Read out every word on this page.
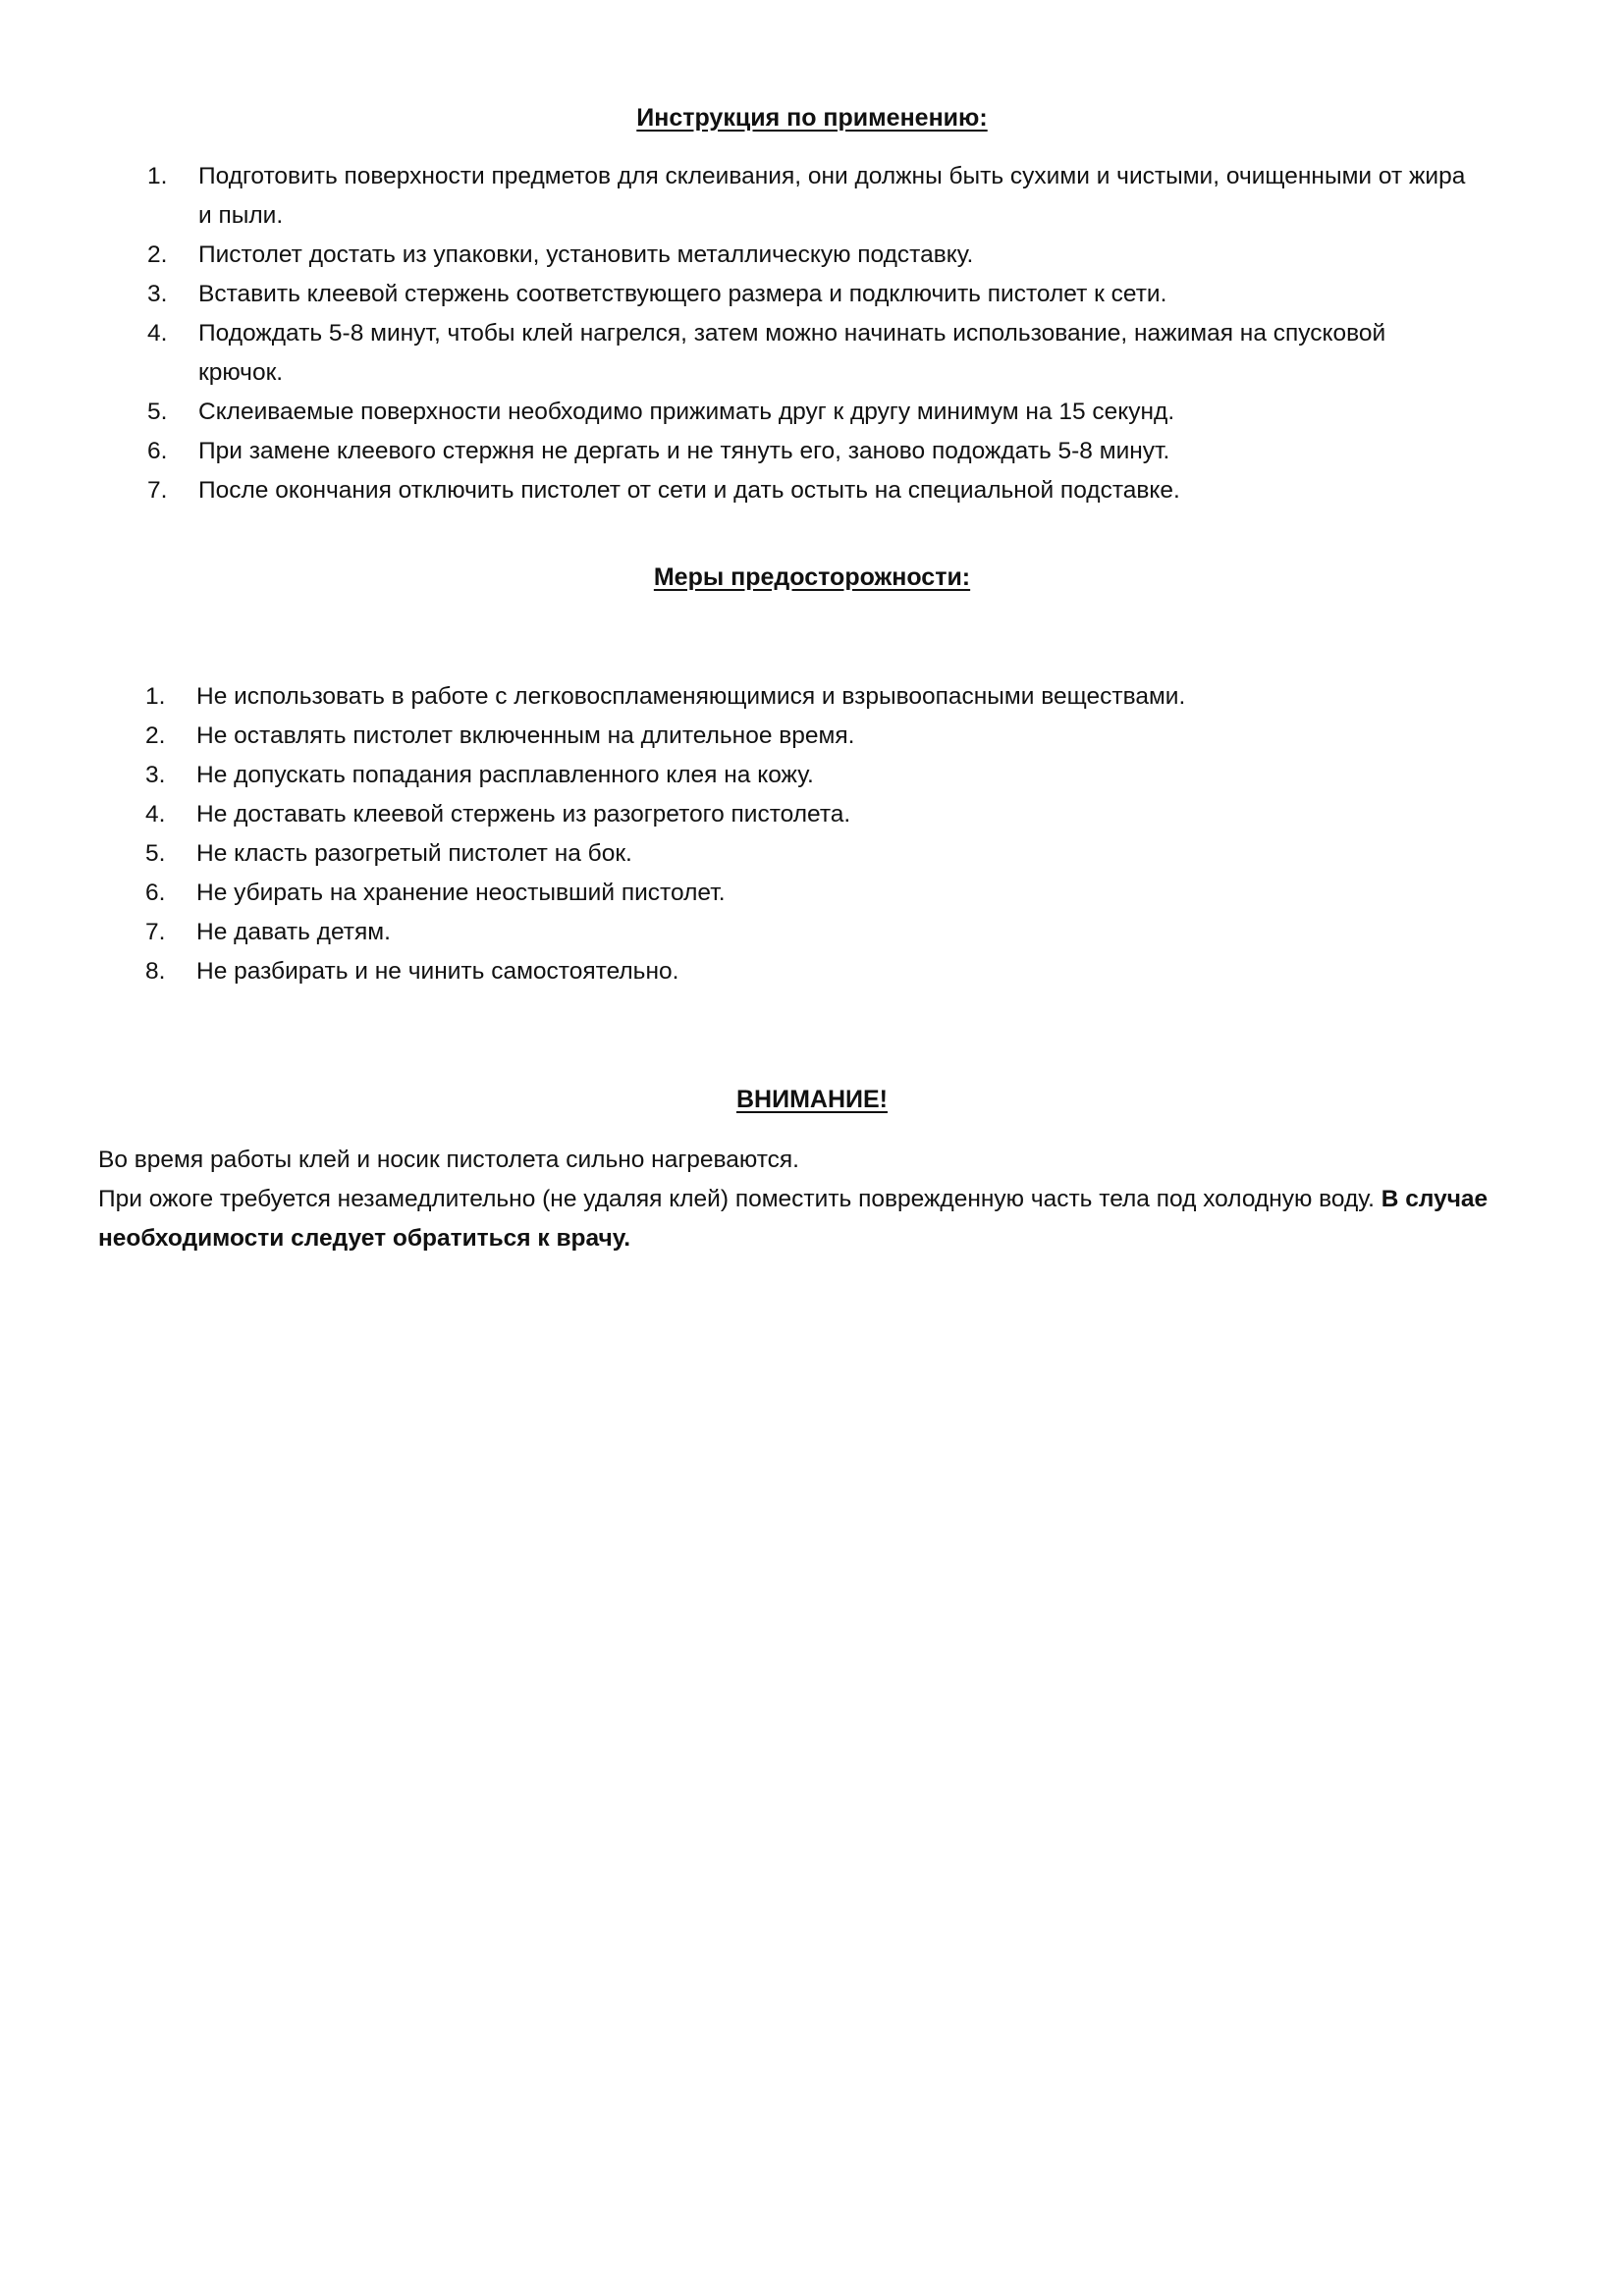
Инструкция по применению:
1.	Подготовить поверхности предметов для склеивания, они должны быть сухими и чистыми, очищенными от жира и пыли.
2.	Пистолет достать из упаковки, установить металлическую подставку.
3.	Вставить клеевой стержень соответствующего размера и подключить пистолет к сети.
4.	Подождать 5-8 минут, чтобы клей нагрелся, затем можно начинать использование, нажимая на спусковой крючок.
5.	Склеиваемые поверхности необходимо прижимать друг к другу минимум на 15 секунд.
6.	При замене клеевого стержня не дергать и не тянуть его, заново подождать 5-8 минут.
7.	После окончания отключить пистолет от сети и дать остыть на специальной подставке.
Меры предосторожности:
1.	Не использовать в работе с легковоспламеняющимися и взрывоопасными веществами.
2.	Не оставлять пистолет включенным на длительное время.
3.	Не допускать попадания расплавленного клея на кожу.
4.	Не доставать клеевой стержень из разогретого пистолета.
5.	Не класть разогретый пистолет на бок.
6.	Не убирать на хранение неостывший пистолет.
7.	Не давать детям.
8.	Не разбирать и не чинить самостоятельно.
ВНИМАНИЕ!

Во время работы клей и носик пистолета сильно нагреваются.
При ожоге требуется незамедлительно (не удаляя клей) поместить поврежденную часть тела под холодную воду. В случае необходимости следует обратиться к врачу.
